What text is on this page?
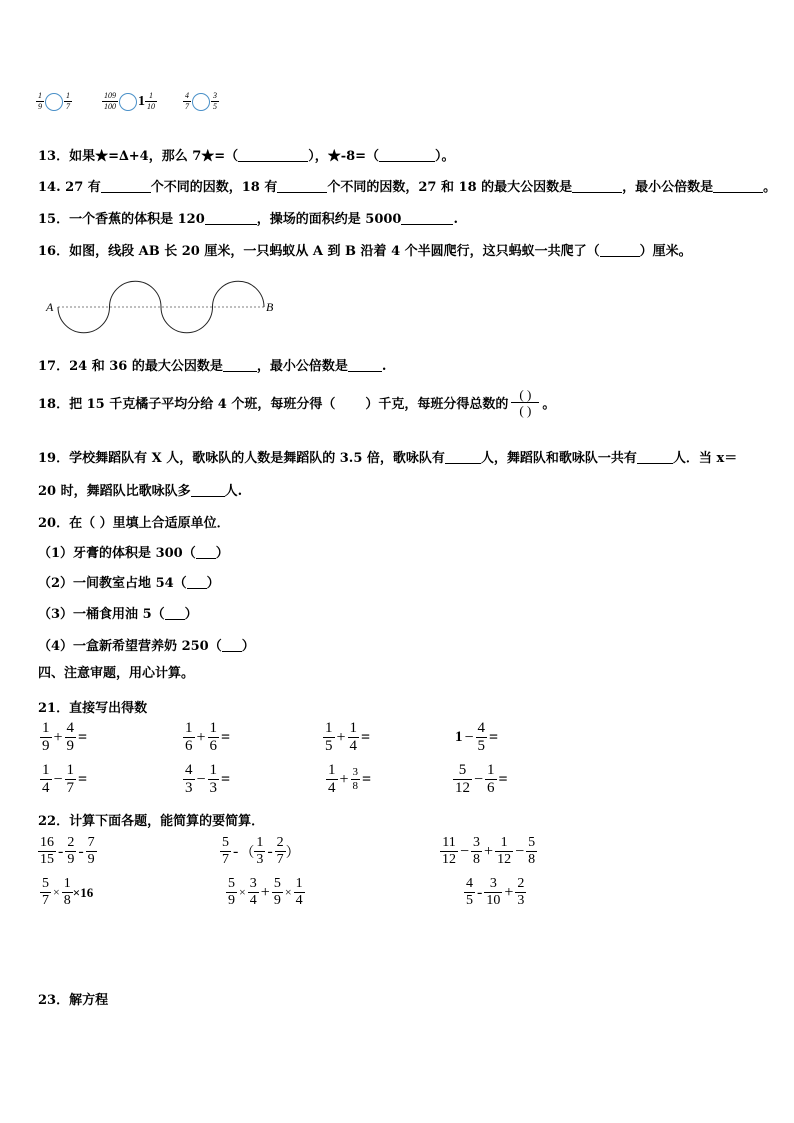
$\frac{1}{9}$	$\frac{1}{7}$	$\frac{109}{100} 1 \frac{1}{10}$	$\frac{4}{7}$	$\frac{3}{5}$
13．如果★=∆+4，那么 7★=（	），★-8=（	）。
14. 27 有	个不同的因数，18 有	个不同的因数，27 和 18 的最大公因数是	，最小公倍数是	。
15．一个香蕉的体积是 120	，操场的面积约是 5000	.
16．如图，线段 AB 长 20 厘米，一只蚂蚁从 A 到 B 沿着 4 个半圆爬行，这只蚂蚁一共爬了（	）厘米。
A	B
17．24 和 36 的最大公因数是	，最小公倍数是	.
18．把 15 千克橘子平均分给 4 个班，每班分得（ ）千克，每班分得总数的 $\frac{( )}{( )}$ 。
19．学校舞蹈队有 X 人，歌咏队的人数是舞蹈队的 3.5 倍，歌咏队有	人，舞蹈队和歌咏队一共有	人．当 x＝
20 时，舞蹈队比歌咏队多	人.
20．在（ ）里填上合适原单位．
（1）牙膏的体积是 300（ ）
（2）一间教室占地 54（ ）
（3）一桶食用油 5（ ）
（4）一盒新希望营养奶 250（ ）
四、注意审题，用心计算。
21．直接写出得数
$\frac{1}{9} + \frac{4}{9}$ =	$\frac{1}{6} + \frac{1}{6}$ =	$\frac{1}{5} + \frac{1}{4}$ =	$1 - \frac{4}{5}$ =
$\frac{1}{4} - \frac{1}{7}$ =	$\frac{4}{3} - \frac{1}{3}$ =	$\frac{1}{4} + \frac{3}{8}$ =	$\frac{5}{12} - \frac{1}{6}$ =
22．计算下面各题，能简算的要简算．
$\frac{16}{15} - \frac{2}{9} - \frac{7}{9}$	$\frac{5}{7}$ - （ $\frac{1}{3} - \frac{2}{7}$ ）	$\frac{11}{12} - \frac{3}{8} + \frac{1}{12} - \frac{5}{8}$
$\frac{5}{7} \times \frac{1}{8} \times 16$	$\frac{5}{9} \times \frac{3}{4} + \frac{5}{9} \times \frac{1}{4}$	$\frac{4}{5} - \frac{3}{10} + \frac{2}{3}$
23．解方程
